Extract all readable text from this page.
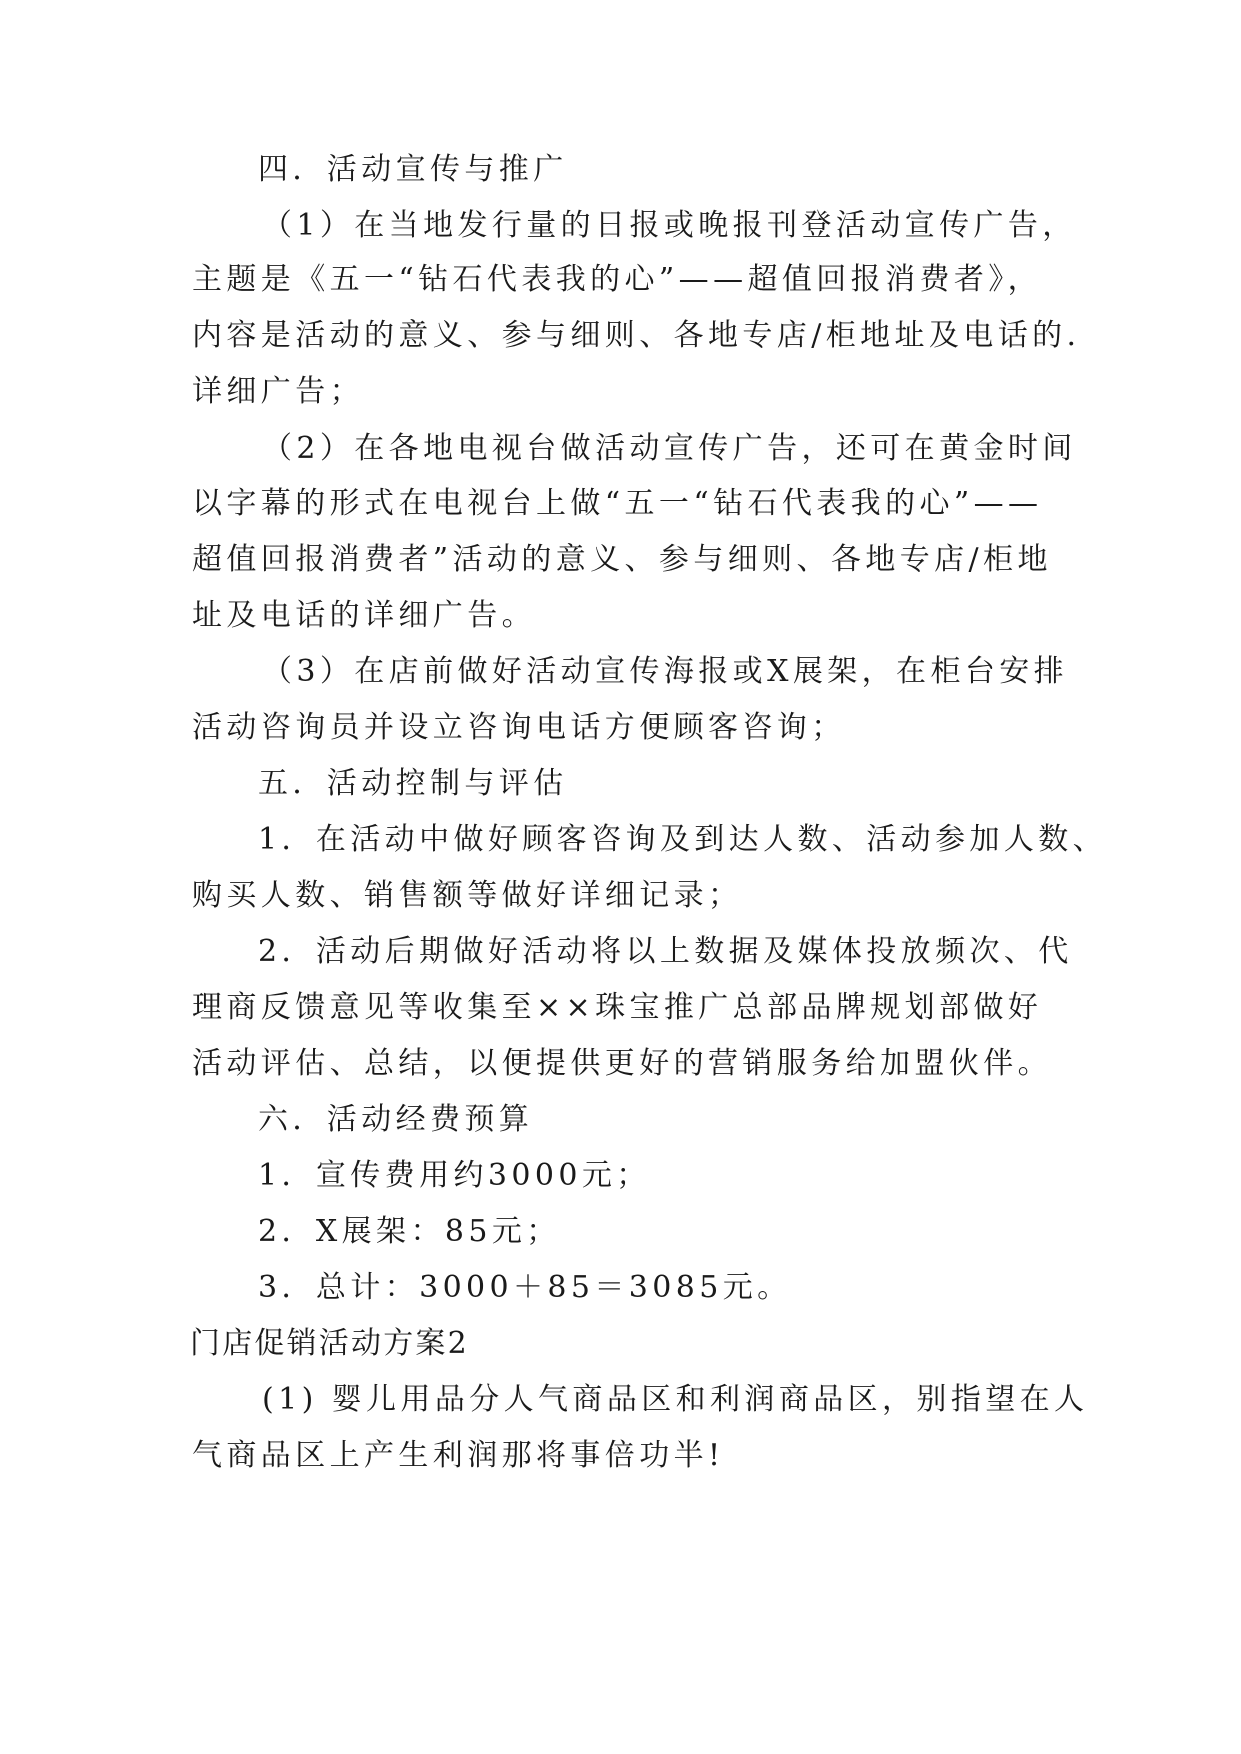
四．活动宣传与推广
（1）在当地发行量的日报或晚报刊登活动宣传广告，
主题是《五一“钻石代表我的心”——超值回报消费者》，
内容是活动的意义、参与细则、各地专店/柜地址及电话的.
详细广告；
（2）在各地电视台做活动宣传广告，还可在黄金时间
以字幕的形式在电视台上做“五一“钻石代表我的心”——
超值回报消费者”活动的意义、参与细则、各地专店/柜地
址及电话的详细广告。
（3）在店前做好活动宣传海报或X展架，在柜台安排
活动咨询员并设立咨询电话方便顾客咨询；
五．活动控制与评估
1．在活动中做好顾客咨询及到达人数、活动参加人数、
购买人数、销售额等做好详细记录；
2．活动后期做好活动将以上数据及媒体投放频次、代
理商反馈意见等收集至××珠宝推广总部品牌规划部做好
活动评估、总结，以便提供更好的营销服务给加盟伙伴。
六．活动经费预算
1．宣传费用约3000元；
2．X展架：85元；
3．总计：3000＋85＝3085元。
门店促销活动方案2
(1) 婴儿用品分人气商品区和利润商品区，别指望在人
气商品区上产生利润那将事倍功半!
